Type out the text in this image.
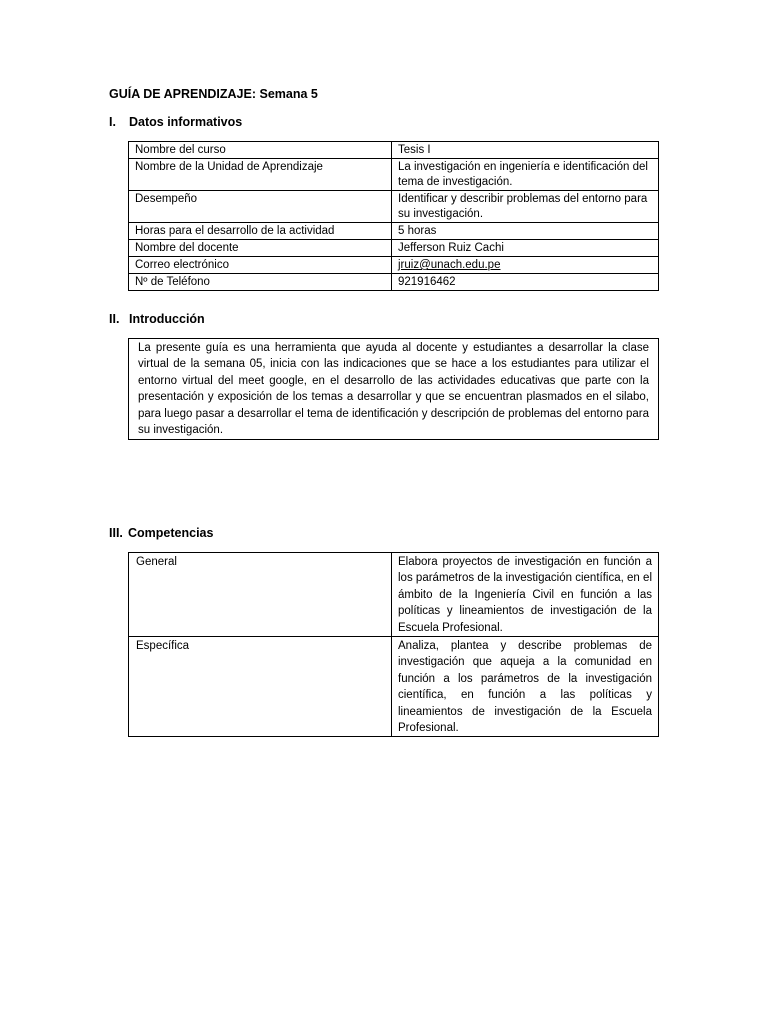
GUÍA DE APRENDIZAJE: Semana 5
I. Datos informativos
Nombre del curso	Tesis I
Nombre de la Unidad de Aprendizaje	La investigación en ingeniería e identificación del tema de investigación.
Desempeño	Identificar y describir problemas del entorno para su investigación.
Horas para el desarrollo de la actividad	5 horas
Nombre del docente	Jefferson Ruiz Cachi
Correo electrónico	jruiz@unach.edu.pe
Nº de Teléfono	921916462
II. Introducción
La presente guía es una herramienta que ayuda al docente y estudiantes a desarrollar la clase virtual de la semana 05, inicia con las indicaciones que se hace a los estudiantes para utilizar el entorno virtual del meet google, en el desarrollo de las actividades educativas que parte con la presentación y exposición de los temas a desarrollar y que se encuentran plasmados en el silabo, para luego pasar a desarrollar el tema de identificación y descripción de problemas del entorno para su investigación.
III. Competencias
General	Elabora proyectos de investigación en función a los parámetros de la investigación científica, en el ámbito de la Ingeniería Civil en función a las políticas y lineamientos de investigación de la Escuela Profesional.
Específica	Analiza, plantea y describe problemas de investigación que aqueja a la comunidad en función a los parámetros de la investigación científica, en función a las políticas y lineamientos de investigación de la Escuela Profesional.
